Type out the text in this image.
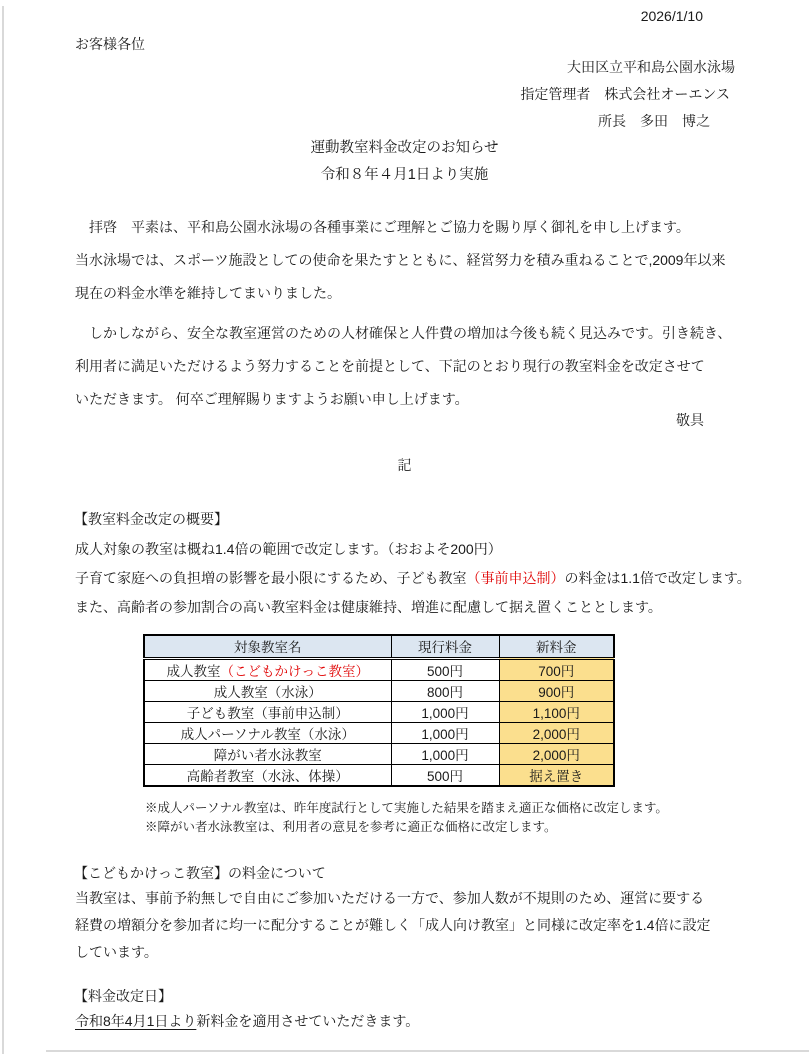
2026/1/10
お客様各位
大田区立平和島公園水泳場
指定管理者　株式会社オーエンス
所長　多田　博之
運動教室料金改定のお知らせ
令和８年４月1日より実施
　拝啓　平素は、平和島公園水泳場の各種事業にご理解とご協力を賜り厚く御礼を申し上げます。
当水泳場では、スポーツ施設としての使命を果たすとともに、経営努力を積み重ねることで,2009年以来
現在の料金水準を維持してまいりました。
　しかしながら、安全な教室運営のための人材確保と人件費の増加は今後も続く見込みです。引き続き、
利用者に満足いただけるよう努力することを前提として、下記のとおり現行の教室料金を改定させて
いただきます。 何卒ご理解賜りますようお願い申し上げます。
敬具
記
【教室料金改定の概要】
成人対象の教室は概ね1.4倍の範囲で改定します。（おおよそ200円）
子育て家庭への負担増の影響を最小限にするため、子ども教室（事前申込制）の料金は1.1倍で改定します。
また、高齢者の参加割合の高い教室料金は健康維持、増進に配慮して据え置くこととします。
対象教室名	現行料金	新料金
成人教室（こどもかけっこ教室）	500円	700円
成人教室（水泳）	800円	900円
子ども教室（事前申込制）	1,000円	1,100円
成人パーソナル教室（水泳）	1,000円	2,000円
障がい者水泳教室	1,000円	2,000円
高齢者教室（水泳、体操）	500円	据え置き
※成人パーソナル教室は、昨年度試行として実施した結果を踏まえ適正な価格に改定します。
※障がい者水泳教室は、利用者の意見を参考に適正な価格に改定します。
【こどもかけっこ教室】の料金について
当教室は、事前予約無しで自由にご参加いただける一方で、参加人数が不規則のため、運営に要する
経費の増額分を参加者に均一に配分することが難しく「成人向け教室」と同様に改定率を1.4倍に設定
しています。
【料金改定日】
令和8年4月1日より新料金を適用させていただきます。
